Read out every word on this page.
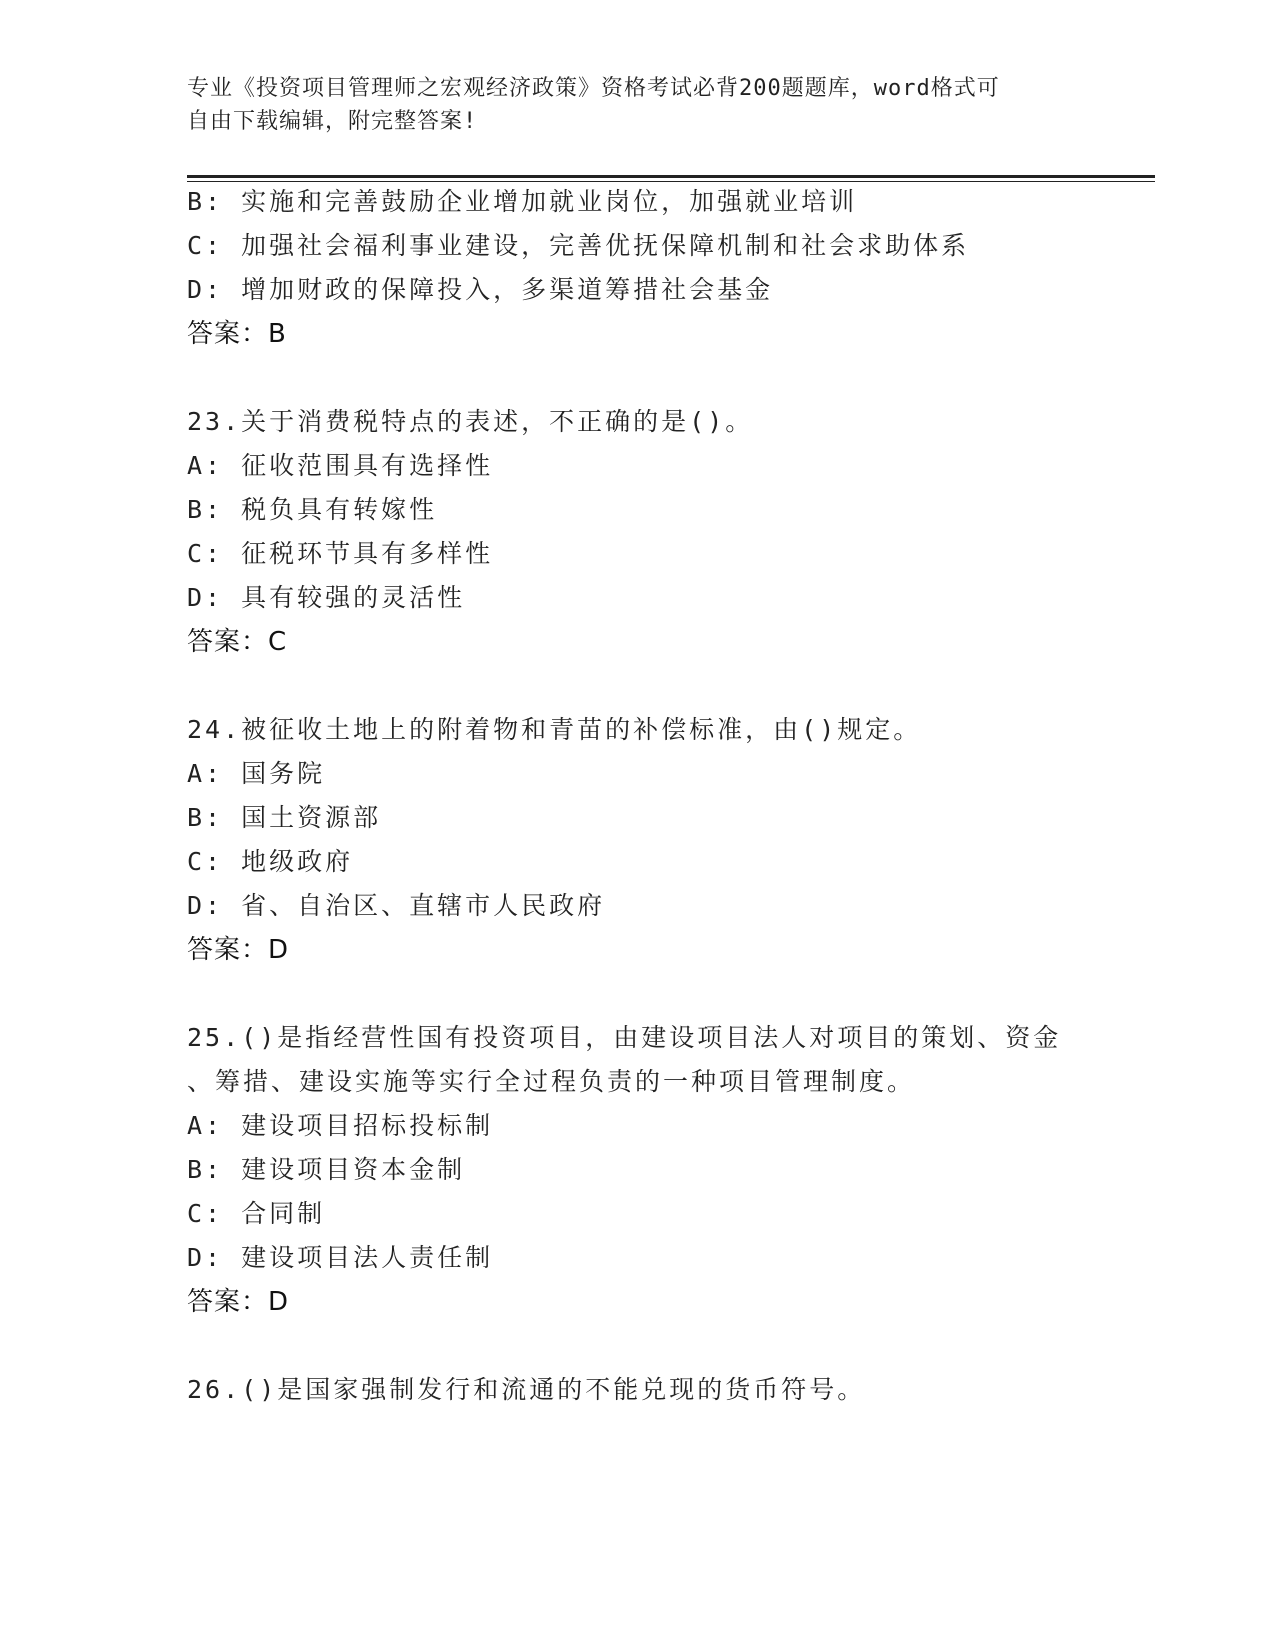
专业《投资项目管理师之宏观经济政策》资格考试必背200题题库，word格式可
自由下载编辑，附完整答案!
B: 实施和完善鼓励企业增加就业岗位，加强就业培训
C: 加强社会福利事业建设，完善优抚保障机制和社会求助体系
D: 增加财政的保障投入，多渠道筹措社会基金
答案：B
23.关于消费税特点的表述，不正确的是()。
A: 征收范围具有选择性
B: 税负具有转嫁性
C: 征税环节具有多样性
D: 具有较强的灵活性
答案：C
24.被征收土地上的附着物和青苗的补偿标准，由()规定。
A: 国务院
B: 国土资源部
C: 地级政府
D: 省、自治区、直辖市人民政府
答案：D
25.()是指经营性国有投资项目，由建设项目法人对项目的策划、资金
、筹措、建设实施等实行全过程负责的一种项目管理制度。
A: 建设项目招标投标制
B: 建设项目资本金制
C: 合同制
D: 建设项目法人责任制
答案：D
26.()是国家强制发行和流通的不能兑现的货币符号。
